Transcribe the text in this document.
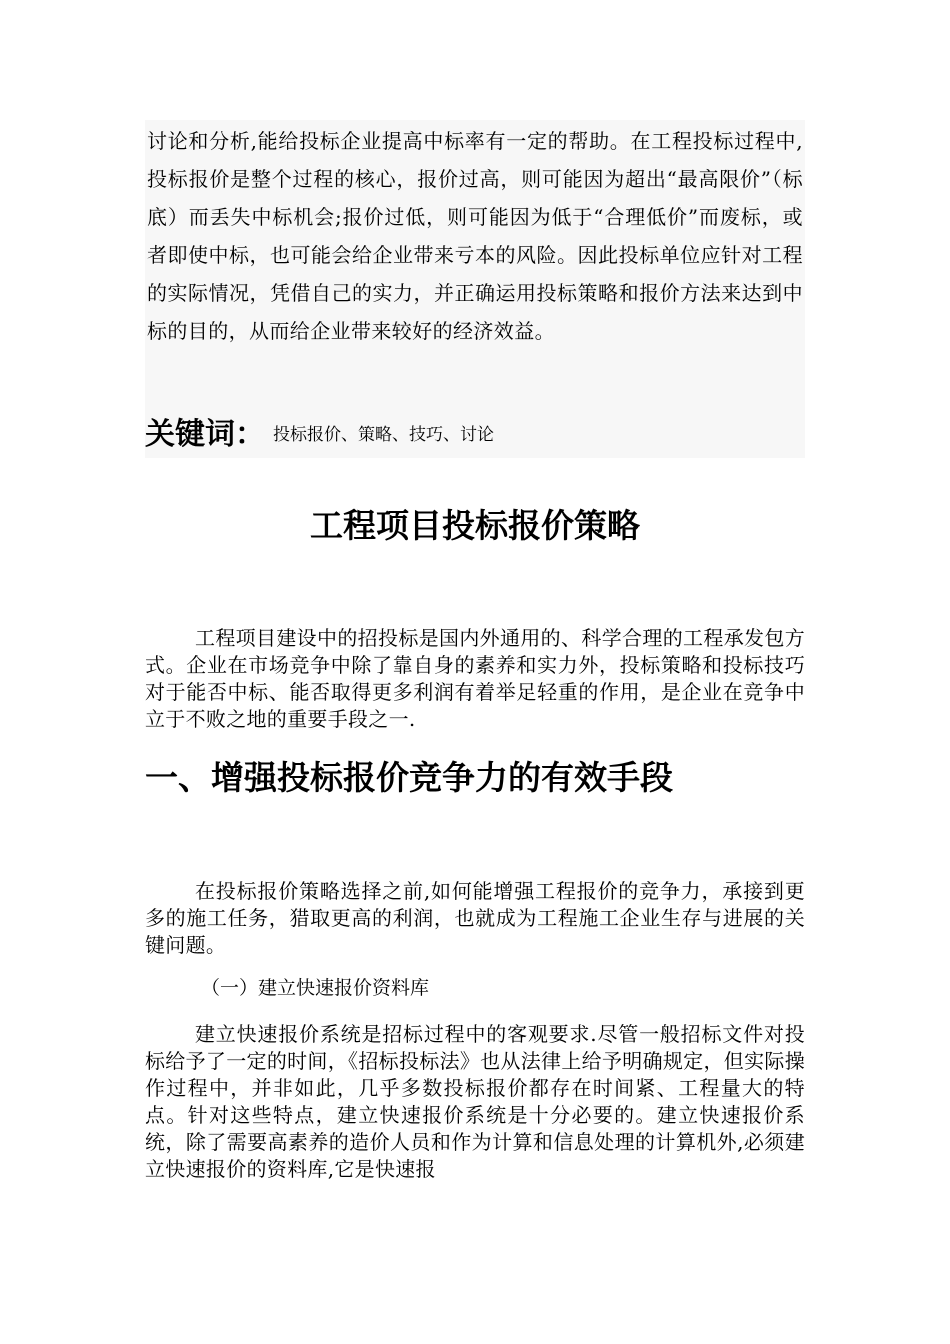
讨论和分析,能给投标企业提高中标率有一定的帮助。在工程投标过程中,投标报价是整个过程的核心，报价过高，则可能因为超出“最高限价”（标底）而丢失中标机会;报价过低，则可能因为低于“合理低价”而废标，或者即使中标，也可能会给企业带来亏本的风险。因此投标单位应针对工程的实际情况，凭借自己的实力，并正确运用投标策略和报价方法来达到中标的目的，从而给企业带来较好的经济效益。

关键词： 投标报价、策略、技巧、讨论
工程项目投标报价策略

工程项目建设中的招投标是国内外通用的、科学合理的工程承发包方式。企业在市场竞争中除了靠自身的素养和实力外，投标策略和投标技巧对于能否中标、能否取得更多利润有着举足轻重的作用，是企业在竞争中立于不败之地的重要手段之一.

一、增强投标报价竞争力的有效手段

在投标报价策略选择之前,如何能增强工程报价的竞争力，承接到更多的施工任务，猎取更高的利润，也就成为工程施工企业生存与进展的关键问题。

（一）建立快速报价资料库

建立快速报价系统是招标过程中的客观要求.尽管一般招标文件对投标给予了一定的时间，《招标投标法》也从法律上给予明确规定，但实际操作过程中，并非如此，几乎多数投标报价都存在时间紧、工程量大的特点。针对这些特点，建立快速报价系统是十分必要的。建立快速报价系统，除了需要高素养的造价人员和作为计算和信息处理的计算机外,必须建立快速报价的资料库,它是快速报
